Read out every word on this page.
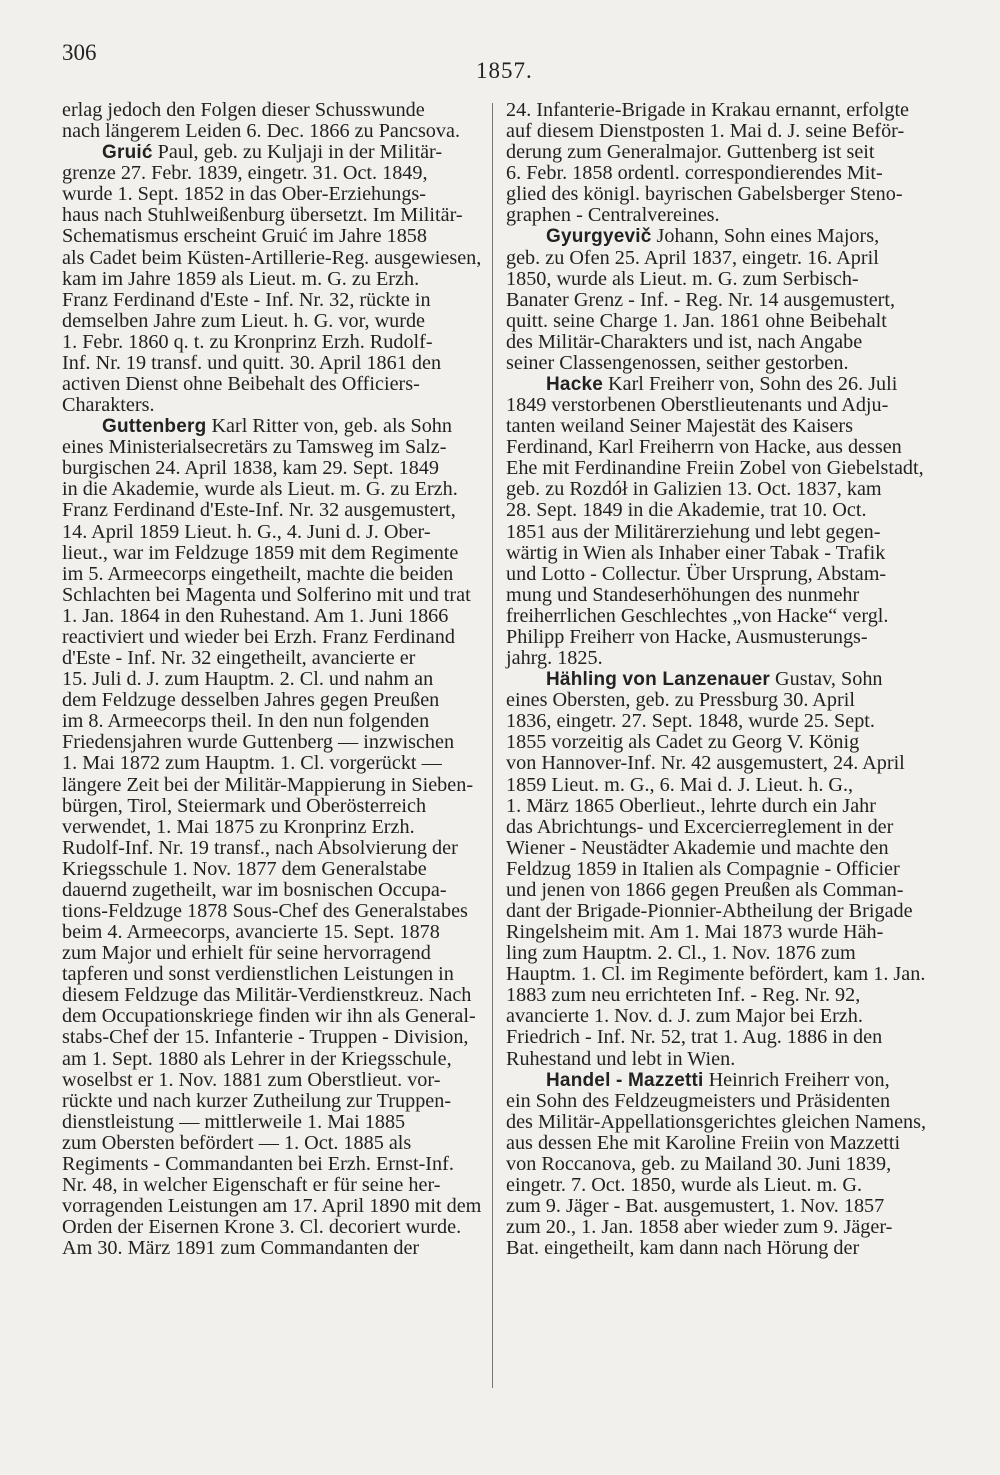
306
1857.
erlag jedoch den Folgen dieser Schusswunde
nach längerem Leiden 6. Dec. 1866 zu Pancsova.
Gruić Paul, geb. zu Kuljaji in der Militär-
grenze 27. Febr. 1839, eingetr. 31. Oct. 1849,
wurde 1. Sept. 1852 in das Ober-Erziehungs-
haus nach Stuhlweißenburg übersetzt. Im Militär-
Schematismus erscheint Gruić im Jahre 1858
als Cadet beim Küsten-Artillerie-Reg. ausgewiesen,
kam im Jahre 1859 als Lieut. m. G. zu Erzh.
Franz Ferdinand d'Este - Inf. Nr. 32, rückte in
demselben Jahre zum Lieut. h. G. vor, wurde
1. Febr. 1860 q. t. zu Kronprinz Erzh. Rudolf-
Inf. Nr. 19 transf. und quitt. 30. April 1861 den
activen Dienst ohne Beibehalt des Officiers-
Charakters.
Guttenberg Karl Ritter von, geb. als Sohn
eines Ministerialsecretärs zu Tamsweg im Salz-
burgischen 24. April 1838, kam 29. Sept. 1849
in die Akademie, wurde als Lieut. m. G. zu Erzh.
Franz Ferdinand d'Este-Inf. Nr. 32 ausgemustert,
14. April 1859 Lieut. h. G., 4. Juni d. J. Ober-
lieut., war im Feldzuge 1859 mit dem Regimente
im 5. Armeecorps eingetheilt, machte die beiden
Schlachten bei Magenta und Solferino mit und trat
1. Jan. 1864 in den Ruhestand. Am 1. Juni 1866
reactiviert und wieder bei Erzh. Franz Ferdinand
d'Este - Inf. Nr. 32 eingetheilt, avancierte er
15. Juli d. J. zum Hauptm. 2. Cl. und nahm an
dem Feldzuge desselben Jahres gegen Preußen
im 8. Armeecorps theil. In den nun folgenden
Friedensjahren wurde Guttenberg — inzwischen
1. Mai 1872 zum Hauptm. 1. Cl. vorgerückt —
längere Zeit bei der Militär-Mappierung in Sieben-
bürgen, Tirol, Steiermark und Oberösterreich
verwendet, 1. Mai 1875 zu Kronprinz Erzh.
Rudolf-Inf. Nr. 19 transf., nach Absolvierung der
Kriegsschule 1. Nov. 1877 dem Generalstabe
dauernd zugetheilt, war im bosnischen Occupa-
tions-Feldzuge 1878 Sous-Chef des Generalstabes
beim 4. Armeecorps, avancierte 15. Sept. 1878
zum Major und erhielt für seine hervorragend
tapferen und sonst verdienstlichen Leistungen in
diesem Feldzuge das Militär-Verdienstkreuz. Nach
dem Occupationskriege finden wir ihn als General-
stabs-Chef der 15. Infanterie - Truppen - Division,
am 1. Sept. 1880 als Lehrer in der Kriegsschule,
woselbst er 1. Nov. 1881 zum Oberstlieut. vor-
rückte und nach kurzer Zutheilung zur Truppen-
dienstleistung — mittlerweile 1. Mai 1885
zum Obersten befördert — 1. Oct. 1885 als
Regiments - Commandanten bei Erzh. Ernst-Inf.
Nr. 48, in welcher Eigenschaft er für seine her-
vorragenden Leistungen am 17. April 1890 mit dem
Orden der Eisernen Krone 3. Cl. decoriert wurde.
Am 30. März 1891 zum Commandanten der
24. Infanterie-Brigade in Krakau ernannt, erfolgte
auf diesem Dienstposten 1. Mai d. J. seine Beför-
derung zum Generalmajor. Guttenberg ist seit
6. Febr. 1858 ordentl. correspondierendes Mit-
glied des königl. bayrischen Gabelsberger Steno-
graphen - Centralvereines.
Gyurgyevič Johann, Sohn eines Majors,
geb. zu Ofen 25. April 1837, eingetr. 16. April
1850, wurde als Lieut. m. G. zum Serbisch-
Banater Grenz - Inf. - Reg. Nr. 14 ausgemustert,
quitt. seine Charge 1. Jan. 1861 ohne Beibehalt
des Militär-Charakters und ist, nach Angabe
seiner Classengenossen, seither gestorben.
Hacke Karl Freiherr von, Sohn des 26. Juli
1849 verstorbenen Oberstlieutenants und Adju-
tanten weiland Seiner Majestät des Kaisers
Ferdinand, Karl Freiherrn von Hacke, aus dessen
Ehe mit Ferdinandine Freiin Zobel von Giebelstadt,
geb. zu Rozdół in Galizien 13. Oct. 1837, kam
28. Sept. 1849 in die Akademie, trat 10. Oct.
1851 aus der Militärerziehung und lebt gegen-
wärtig in Wien als Inhaber einer Tabak - Trafik
und Lotto - Collectur. Über Ursprung, Abstam-
mung und Standeserhöhungen des nunmehr
freiherrlichen Geschlechtes „von Hacke“ vergl.
Philipp Freiherr von Hacke, Ausmusterungs-
jahrg. 1825.
Hähling von Lanzenauer Gustav, Sohn
eines Obersten, geb. zu Pressburg 30. April
1836, eingetr. 27. Sept. 1848, wurde 25. Sept.
1855 vorzeitig als Cadet zu Georg V. König
von Hannover-Inf. Nr. 42 ausgemustert, 24. April
1859 Lieut. m. G., 6. Mai d. J. Lieut. h. G.,
1. März 1865 Oberlieut., lehrte durch ein Jahr
das Abrichtungs- und Excercierreglement in der
Wiener - Neustädter Akademie und machte den
Feldzug 1859 in Italien als Compagnie - Officier
und jenen von 1866 gegen Preußen als Comman-
dant der Brigade-Pionnier-Abtheilung der Brigade
Ringelsheim mit. Am 1. Mai 1873 wurde Häh-
ling zum Hauptm. 2. Cl., 1. Nov. 1876 zum
Hauptm. 1. Cl. im Regimente befördert, kam 1. Jan.
1883 zum neu errichteten Inf. - Reg. Nr. 92,
avancierte 1. Nov. d. J. zum Major bei Erzh.
Friedrich - Inf. Nr. 52, trat 1. Aug. 1886 in den
Ruhestand und lebt in Wien.
Handel - Mazzetti Heinrich Freiherr von,
ein Sohn des Feldzeugmeisters und Präsidenten
des Militär-Appellationsgerichtes gleichen Namens,
aus dessen Ehe mit Karoline Freiin von Mazzetti
von Roccanova, geb. zu Mailand 30. Juni 1839,
eingetr. 7. Oct. 1850, wurde als Lieut. m. G.
zum 9. Jäger - Bat. ausgemustert, 1. Nov. 1857
zum 20., 1. Jan. 1858 aber wieder zum 9. Jäger-
Bat. eingetheilt, kam dann nach Hörung der
